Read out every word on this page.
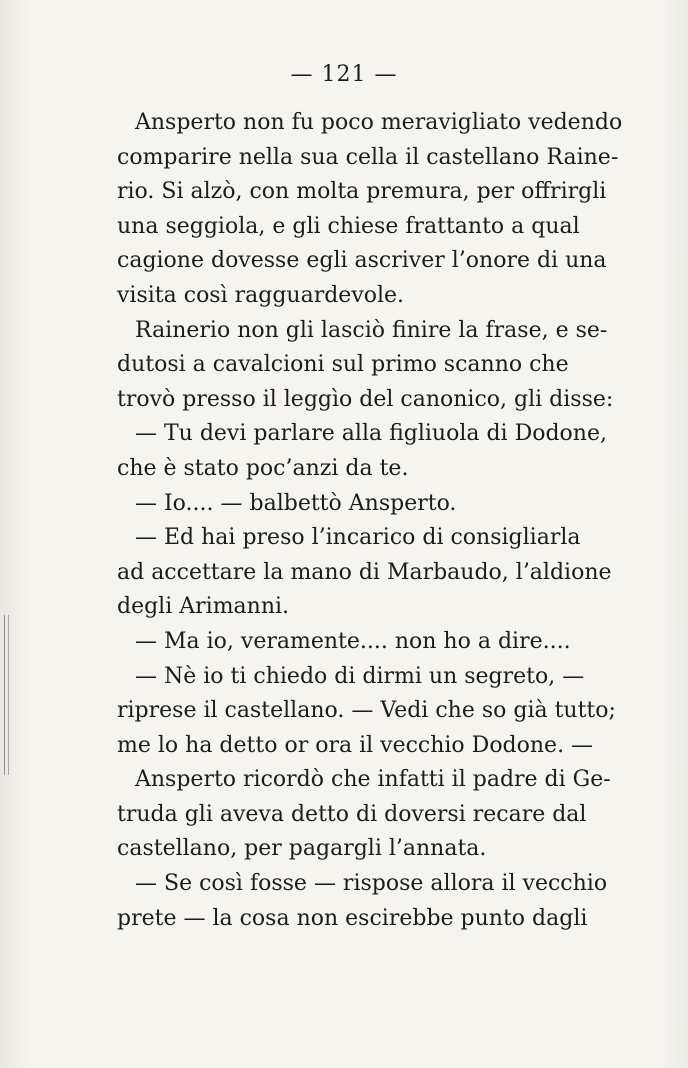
— 121 —
Ansperto non fu poco meravigliato vedendo
comparire nella sua cella il castellano Raine-
rio. Si alzò, con molta premura, per offrirgli
una seggiola, e gli chiese frattanto a qual
cagione dovesse egli ascriver l’onore di una
visita così ragguardevole.
Rainerio non gli lasciò finire la frase, e se-
dutosi a cavalcioni sul primo scanno che
trovò presso il leggìo del canonico, gli disse:
— Tu devi parlare alla figliuola di Dodone,
che è stato poc’anzi da te.
— Io.... — balbettò Ansperto.
— Ed hai preso l’incarico di consigliarla
ad accettare la mano di Marbaudo, l’aldione
degli Arimanni.
— Ma io, veramente.... non ho a dire....
— Nè io ti chiedo di dirmi un segreto, —
riprese il castellano. — Vedi che so già tutto;
me lo ha detto or ora il vecchio Dodone. —
Ansperto ricordò che infatti il padre di Ge-
truda gli aveva detto di doversi recare dal
castellano, per pagargli l’annata.
— Se così fosse — rispose allora il vecchio
prete — la cosa non escirebbe punto dagli
